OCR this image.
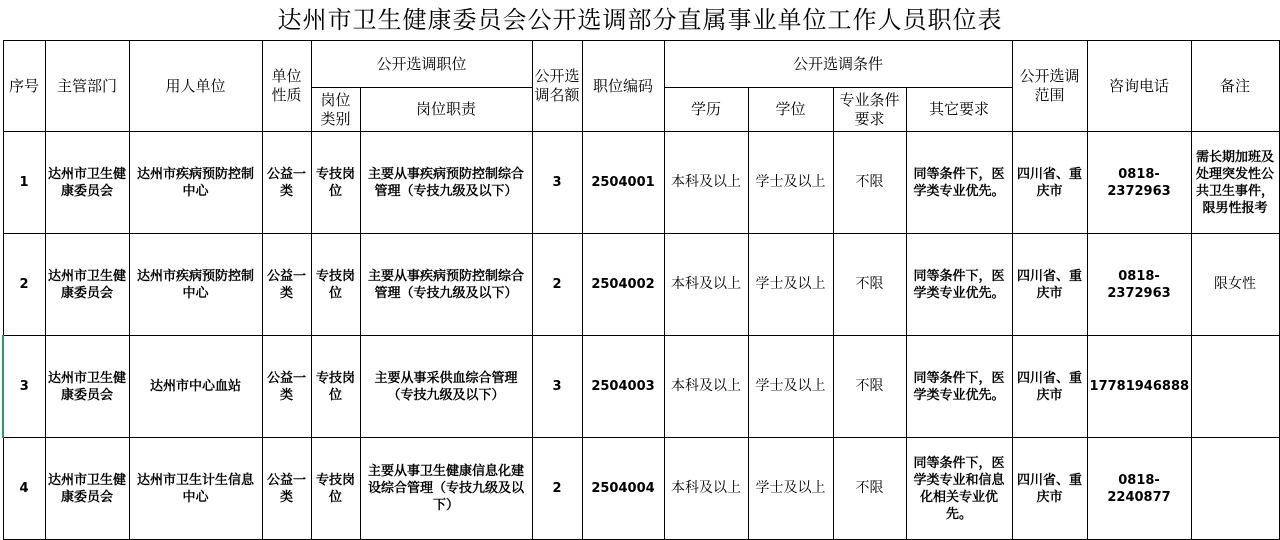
达州市卫生健康委员会公开选调部分直属事业单位工作人员职位表
序号	主管部门	用人单位	单位性质	公开选调职位		公开选调名额	职位编码	公开选调条件				公开选调范围	咨询电话	备注
				岗位类别	岗位职责			学历	学位	专业条件要求	其它要求			
1	达州市卫生健康委员会	达州市疾病预防控制中心	公益一类	专技岗位	主要从事疾病预防控制综合管理（专技九级及以下）	3	2504001	本科及以上	学士及以上	不限	同等条件下，医学类专业优先。	四川省、重庆市	0818-2372963	需长期加班及处理突发性公共卫生事件，限男性报考
2	达州市卫生健康委员会	达州市疾病预防控制中心	公益一类	专技岗位	主要从事疾病预防控制综合管理（专技九级及以下）	2	2504002	本科及以上	学士及以上	不限	同等条件下，医学类专业优先。	四川省、重庆市	0818-2372963	限女性
3	达州市卫生健康委员会	达州市中心血站	公益一类	专技岗位	主要从事采供血综合管理（专技九级及以下）	3	2504003	本科及以上	学士及以上	不限	同等条件下，医学类专业优先。	四川省、重庆市	17781946888	
4	达州市卫生健康委员会	达州市卫生计生信息中心	公益一类	专技岗位	主要从事卫生健康信息化建设综合管理（专技九级及以下）	2	2504004	本科及以上	学士及以上	不限	同等条件下，医学类专业和信息化相关专业优先。	四川省、重庆市	0818-2240877	
